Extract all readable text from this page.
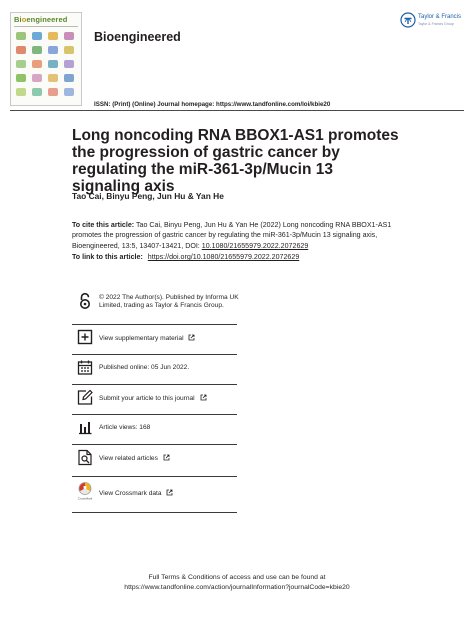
Bioengineered
Bioengineered
Taylor & Francis
Taylor & Francis Group
ISSN: (Print) (Online) Journal homepage: https://www.tandfonline.com/loi/kbie20
Long noncoding RNA BBOX1-AS1 promotes the progression of gastric cancer by regulating the miR-361-3p/Mucin 13 signaling axis
Tao Cai, Binyu Peng, Jun Hu & Yan He
To cite this article: Tao Cai, Binyu Peng, Jun Hu & Yan He (2022) Long noncoding RNA BBOX1-AS1 promotes the progression of gastric cancer by regulating the miR-361-3p/Mucin 13 signaling axis, Bioengineered, 13:5, 13407-13421, DOI: 10.1080/21655979.2022.2072629
To link to this article: https://doi.org/10.1080/21655979.2022.2072629
© 2022 The Author(s). Published by Informa UK Limited, trading as Taylor & Francis Group.
View supplementary material
Published online: 05 Jun 2022.
Submit your article to this journal
Article views: 168
View related articles
CrossMark
View Crossmark data
Full Terms & Conditions of access and use can be found at
https://www.tandfonline.com/action/journalInformation?journalCode=kbie20
